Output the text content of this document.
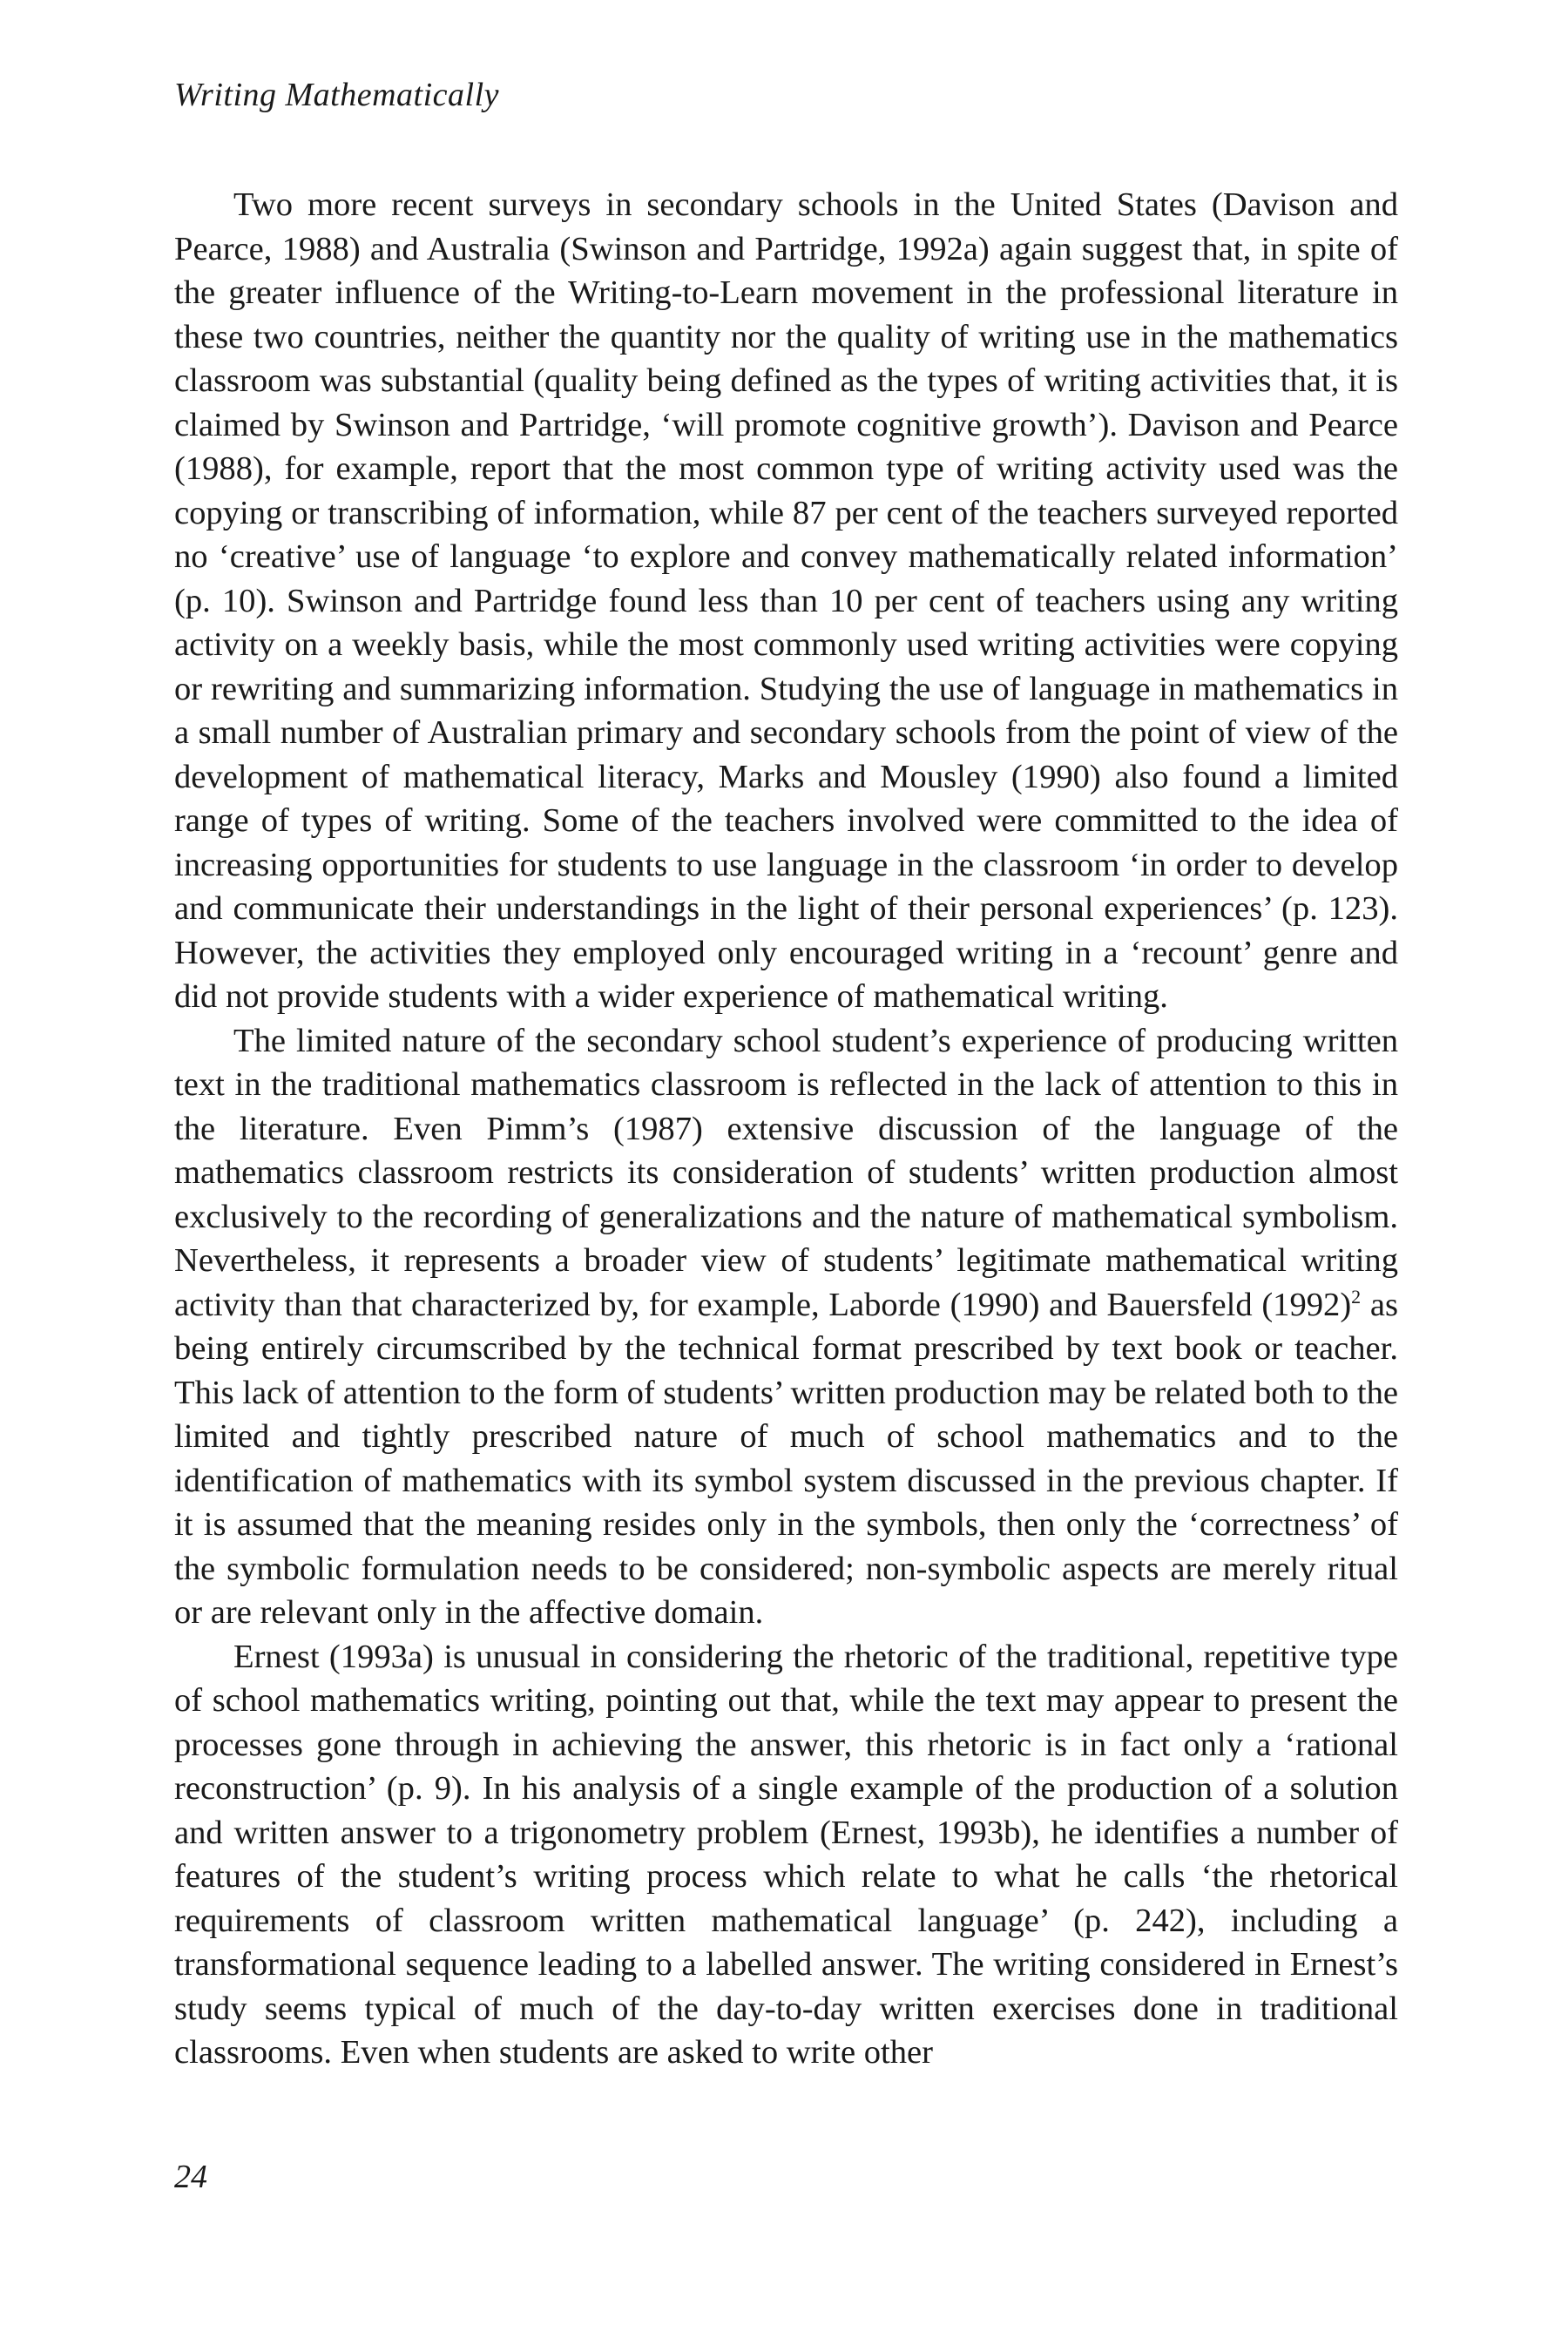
Writing Mathematically

Two more recent surveys in secondary schools in the United States (Davison and Pearce, 1988) and Australia (Swinson and Partridge, 1992a) again suggest that, in spite of the greater influence of the Writing-to-Learn movement in the professional literature in these two countries, neither the quantity nor the quality of writing use in the mathematics classroom was substantial (quality being defined as the types of writing activities that, it is claimed by Swinson and Partridge, ‘will promote cognitive growth’). Davison and Pearce (1988), for example, report that the most common type of writing activity used was the copying or transcribing of information, while 87 per cent of the teachers surveyed reported no ‘creative’ use of language ‘to explore and convey mathematically related information’ (p. 10). Swinson and Partridge found less than 10 per cent of teachers using any writing activity on a weekly basis, while the most commonly used writing activities were copying or rewriting and summarizing information. Studying the use of language in mathematics in a small number of Australian primary and secondary schools from the point of view of the development of mathematical literacy, Marks and Mousley (1990) also found a limited range of types of writing. Some of the teachers involved were committed to the idea of increasing opportunities for students to use language in the classroom ‘in order to develop and communicate their understandings in the light of their personal experiences’ (p. 123). However, the activities they employed only encouraged writing in a ‘recount’ genre and did not provide students with a wider experience of mathematical writing.

The limited nature of the secondary school student’s experience of producing written text in the traditional mathematics classroom is reflected in the lack of attention to this in the literature. Even Pimm’s (1987) extensive discussion of the language of the mathematics classroom restricts its consideration of students’ written production almost exclusively to the recording of generalizations and the nature of mathematical symbolism. Nevertheless, it represents a broader view of students’ legitimate mathematical writing activity than that characterized by, for example, Laborde (1990) and Bauersfeld $(1992)^2$ as being entirely circumscribed by the technical format prescribed by text book or teacher. This lack of attention to the form of students’ written production may be related both to the limited and tightly prescribed nature of much of school mathematics and to the identification of mathematics with its symbol system discussed in the previous chapter. If it is assumed that the meaning resides only in the symbols, then only the ‘correctness’ of the symbolic formulation needs to be considered; non-symbolic aspects are merely ritual or are relevant only in the affective domain.

Ernest (1993a) is unusual in considering the rhetoric of the traditional, repetitive type of school mathematics writing, pointing out that, while the text may appear to present the processes gone through in achieving the answer, this rhetoric is in fact only a ‘rational reconstruction’ (p. 9). In his analysis of a single example of the production of a solution and written answer to a trigonometry problem (Ernest, 1993b), he identifies a number of features of the student’s writing process which relate to what he calls ‘the rhetorical requirements of classroom written mathematical language’ (p. 242), including a transformational sequence leading to a labelled answer. The writing considered in Ernest’s study seems typical of much of the day-to-day written exercises done in traditional classrooms. Even when students are asked to write other

24
